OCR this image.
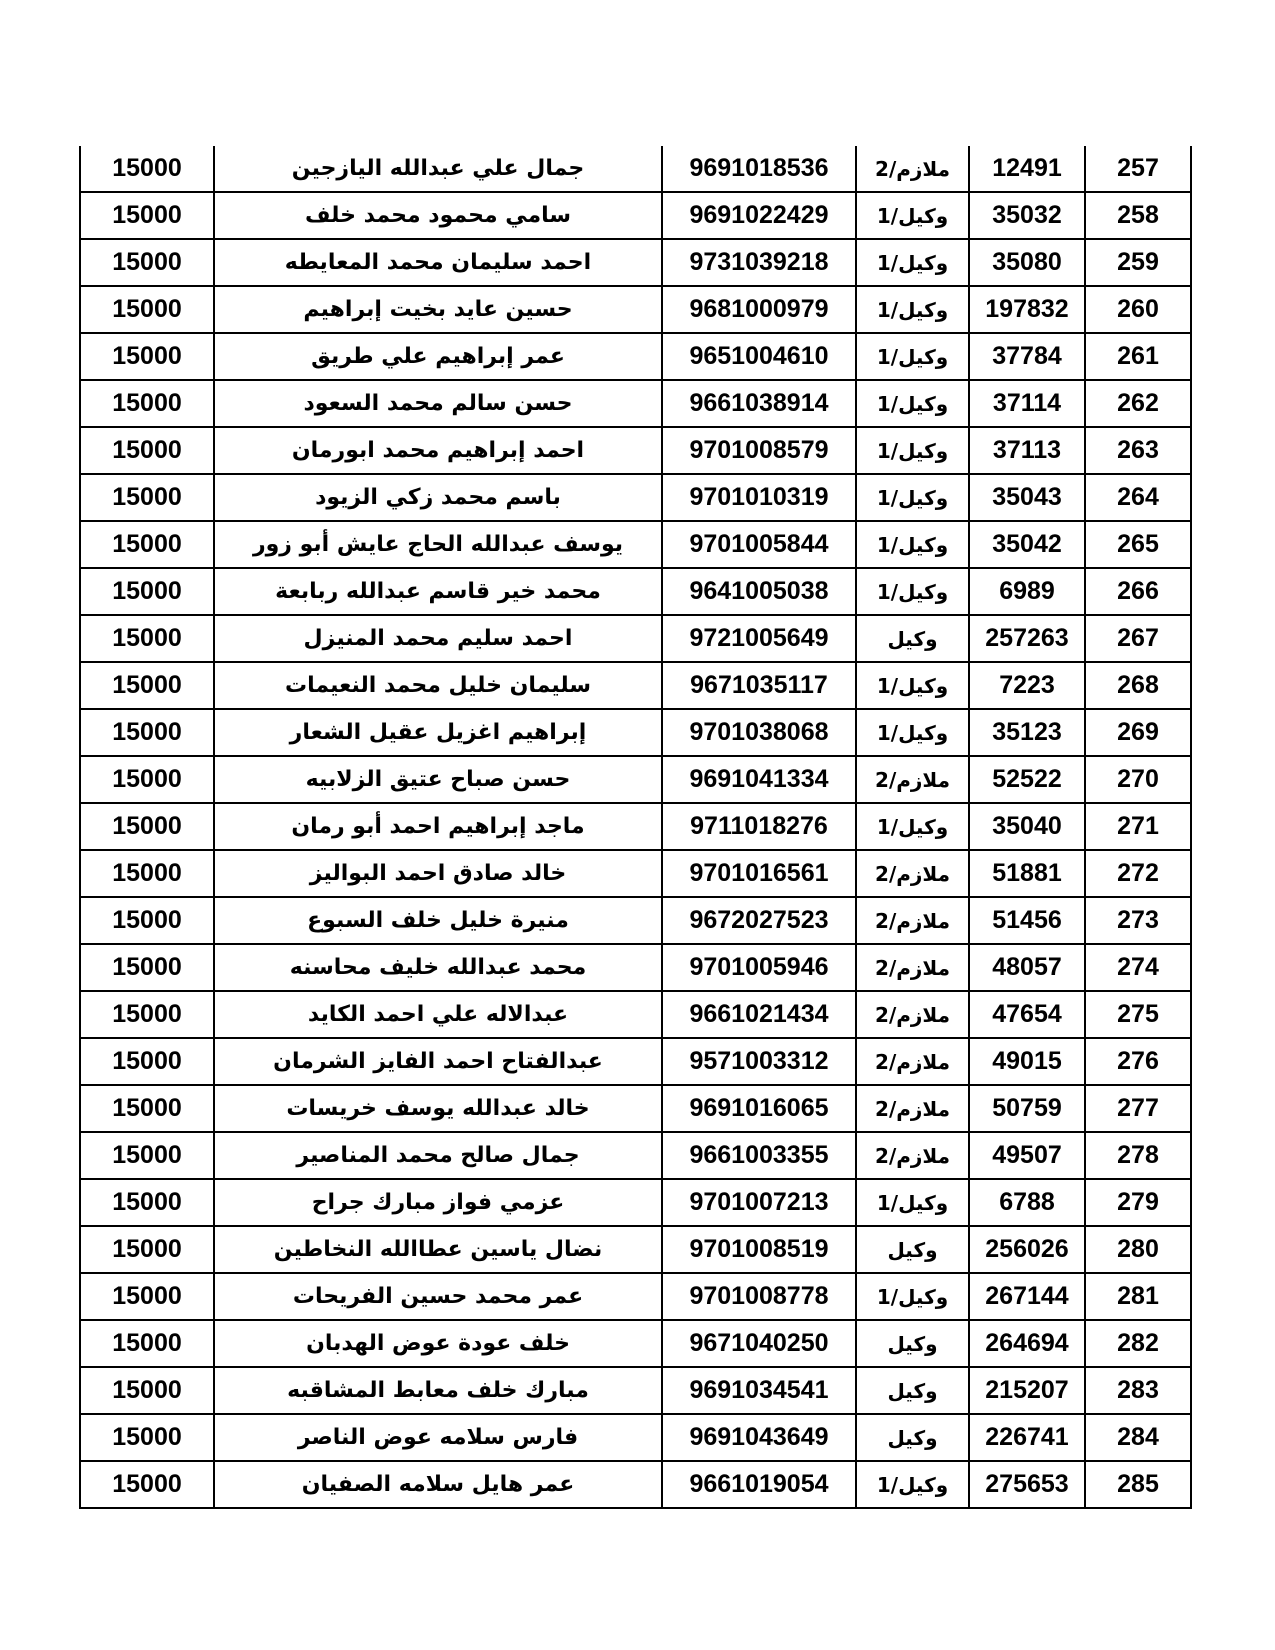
257	12491	ملازم/2	9691018536	جمال علي عبدالله اليازجين	15000
258	35032	وكيل/1	9691022429	سامي محمود محمد خلف	15000
259	35080	وكيل/1	9731039218	احمد سليمان محمد المعايطه	15000
260	197832	وكيل/1	9681000979	حسين عايد بخيت إبراهيم	15000
261	37784	وكيل/1	9651004610	عمر إبراهيم علي طريق	15000
262	37114	وكيل/1	9661038914	حسن سالم محمد السعود	15000
263	37113	وكيل/1	9701008579	احمد إبراهيم محمد ابورمان	15000
264	35043	وكيل/1	9701010319	باسم محمد زكي الزيود	15000
265	35042	وكيل/1	9701005844	يوسف عبدالله الحاج عايش أبو زور	15000
266	6989	وكيل/1	9641005038	محمد خير قاسم عبدالله ربابعة	15000
267	257263	وكيل	9721005649	احمد سليم محمد المنيزل	15000
268	7223	وكيل/1	9671035117	سليمان خليل محمد النعيمات	15000
269	35123	وكيل/1	9701038068	إبراهيم اغزيل عقيل الشعار	15000
270	52522	ملازم/2	9691041334	حسن صباح عتيق الزلابيه	15000
271	35040	وكيل/1	9711018276	ماجد إبراهيم احمد أبو رمان	15000
272	51881	ملازم/2	9701016561	خالد صادق احمد البواليز	15000
273	51456	ملازم/2	9672027523	منيرة خليل خلف السبوع	15000
274	48057	ملازم/2	9701005946	محمد عبدالله خليف محاسنه	15000
275	47654	ملازم/2	9661021434	عبدالاله علي احمد الكايد	15000
276	49015	ملازم/2	9571003312	عبدالفتاح احمد الفايز الشرمان	15000
277	50759	ملازم/2	9691016065	خالد عبدالله يوسف خريسات	15000
278	49507	ملازم/2	9661003355	جمال صالح محمد المناصير	15000
279	6788	وكيل/1	9701007213	عزمي فواز مبارك جراح	15000
280	256026	وكيل	9701008519	نضال ياسين عطاالله النخاطين	15000
281	267144	وكيل/1	9701008778	عمر محمد حسين الفريحات	15000
282	264694	وكيل	9671040250	خلف عودة عوض الهدبان	15000
283	215207	وكيل	9691034541	مبارك خلف معابط المشاقبه	15000
284	226741	وكيل	9691043649	فارس سلامه عوض الناصر	15000
285	275653	وكيل/1	9661019054	عمر هايل سلامه الصفيان	15000
